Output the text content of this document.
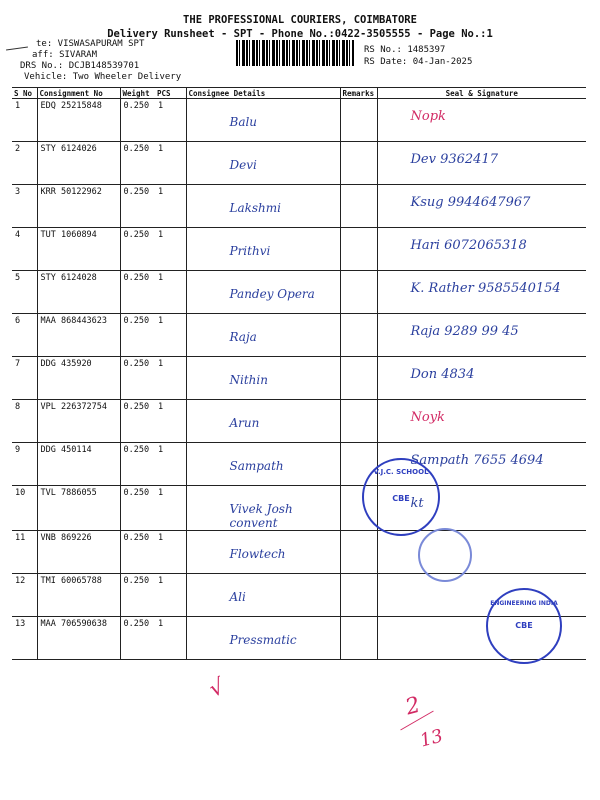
THE PROFESSIONAL COURIERS, COIMBATORE
Delivery Runsheet - SPT - Phone No.:0422-3505555 - Page No.:1
te: VISWASAPURAM SPT
aff: SIVARAM
DRS No.: DCJB148539701
Vehicle: Two Wheeler Delivery
RS No.: 1485397
RS Date: 04-Jan-2025
S No	Consignment No	Weight	PCS	Consignee Details	Remarks	Seal & Signature
1	EDQ 25215848	0.250	1	Balu		Nopk
2	STY 6124026	0.250	1	Devi		Dev 9362417
3	KRR 50122962	0.250	1	Lakshmi		Ksug 9944647967
4	TUT 1060894	0.250	1	Prithvi		Hari 6072065318
5	STY 6124028	0.250	1	Pandey Opera		K. Rather 9585540154
6	MAA 868443623	0.250	1	Raja		Raja 9289 99 45
7	DDG 435920	0.250	1	Nithin		Don 4834
8	VPL 226372754	0.250	1	Arun		Noyk
9	DDG 450114	0.250	1	Sampath		Sampath 7655 4694
10	TVL 7886055	0.250	1	Vivek Josh convent		kt
11	VNB 869226	0.250	1	Flowtech		
12	TMI 60065788	0.250	1	Ali		
13	MAA 706590638	0.250	1	Pressmatic		
V.J.C. SCHOOL
CBE
ENGINEERING INDIA
CBE
√
2
13
